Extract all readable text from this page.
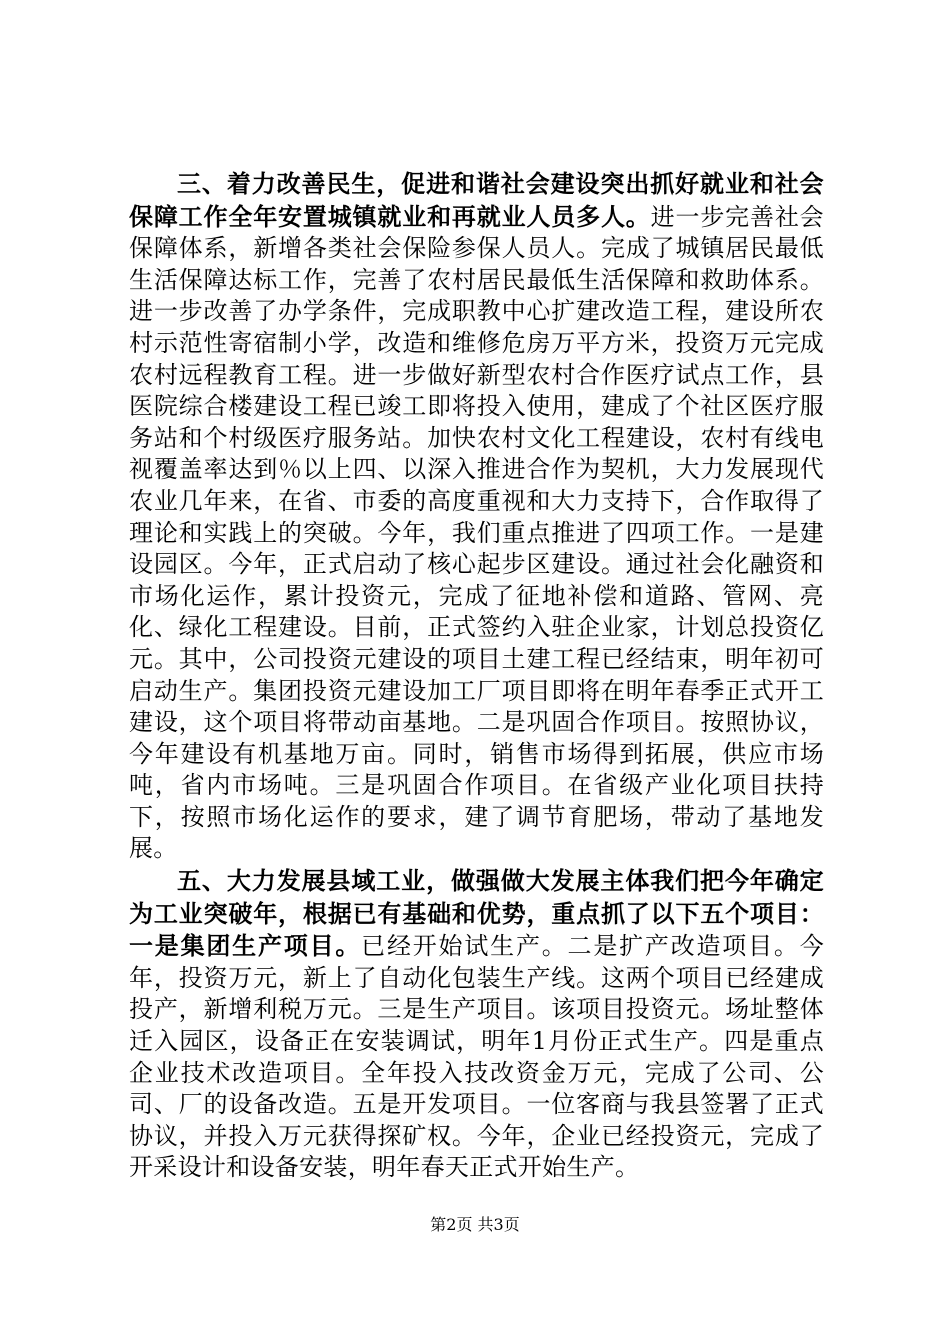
三、着力改善民生，促进和谐社会建设突出抓好就业和社会保障工作全年安置城镇就业和再就业人员多人。进一步完善社会保障体系，新增各类社会保险参保人员人。完成了城镇居民最低生活保障达标工作，完善了农村居民最低生活保障和救助体系。进一步改善了办学条件，完成职教中心扩建改造工程，建设所农村示范性寄宿制小学，改造和维修危房万平方米，投资万元完成农村远程教育工程。进一步做好新型农村合作医疗试点工作，县医院综合楼建设工程已竣工即将投入使用，建成了个社区医疗服务站和个村级医疗服务站。加快农村文化工程建设，农村有线电视覆盖率达到％以上四、以深入推进合作为契机，大力发展现代农业几年来，在省、市委的高度重视和大力支持下，合作取得了理论和实践上的突破。今年，我们重点推进了四项工作。一是建设园区。今年，正式启动了核心起步区建设。通过社会化融资和市场化运作，累计投资元，完成了征地补偿和道路、管网、亮化、绿化工程建设。目前，正式签约入驻企业家，计划总投资亿元。其中，公司投资元建设的项目土建工程已经结束，明年初可启动生产。集团投资元建设加工厂项目即将在明年春季正式开工建设，这个项目将带动亩基地。二是巩固合作项目。按照协议，今年建设有机基地万亩。同时，销售市场得到拓展，供应市场吨，省内市场吨。三是巩固合作项目。在省级产业化项目扶持下，按照市场化运作的要求，建了调节育肥场，带动了基地发展。

五、大力发展县域工业，做强做大发展主体我们把今年确定为工业突破年，根据已有基础和优势，重点抓了以下五个项目：一是集团生产项目。已经开始试生产。二是扩产改造项目。今年，投资万元，新上了自动化包装生产线。这两个项目已经建成投产，新增利税万元。三是生产项目。该项目投资元。场址整体迁入园区，设备正在安装调试，明年1月份正式生产。四是重点企业技术改造项目。全年投入技改资金万元，完成了公司、公司、厂的设备改造。五是开发项目。一位客商与我县签署了正式协议，并投入万元获得探矿权。今年，企业已经投资元，完成了开采设计和设备安装，明年春天正式开始生产。

第2页 共3页
